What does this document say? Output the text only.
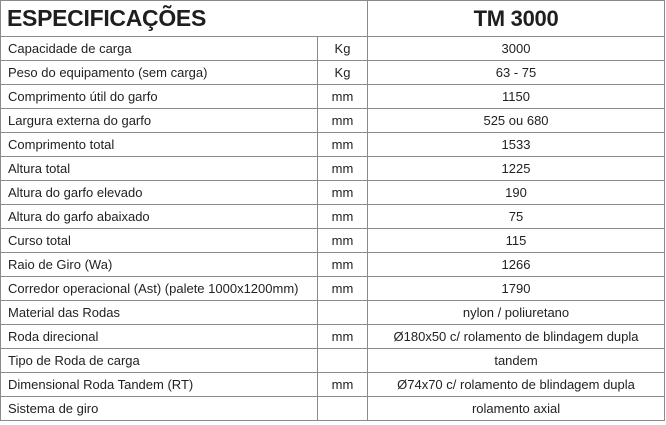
ESPECIFICAÇÕES		TM 3000
Capacidade de carga	Kg	3000
Peso do equipamento (sem carga)	Kg	63 - 75
Comprimento útil do garfo	mm	1150
Largura externa do garfo	mm	525 ou 680
Comprimento total	mm	1533
Altura total	mm	1225
Altura do garfo elevado	mm	190
Altura do garfo abaixado	mm	75
Curso total	mm	115
Raio de Giro (Wa)	mm	1266
Corredor operacional (Ast) (palete 1000x1200mm)	mm	1790
Material das Rodas		nylon / poliuretano
Roda direcional	mm	Ø180x50 c/ rolamento de blindagem dupla
Tipo de Roda de carga		tandem
Dimensional Roda Tandem (RT)	mm	Ø74x70 c/ rolamento de blindagem dupla
Sistema de giro		rolamento axial
